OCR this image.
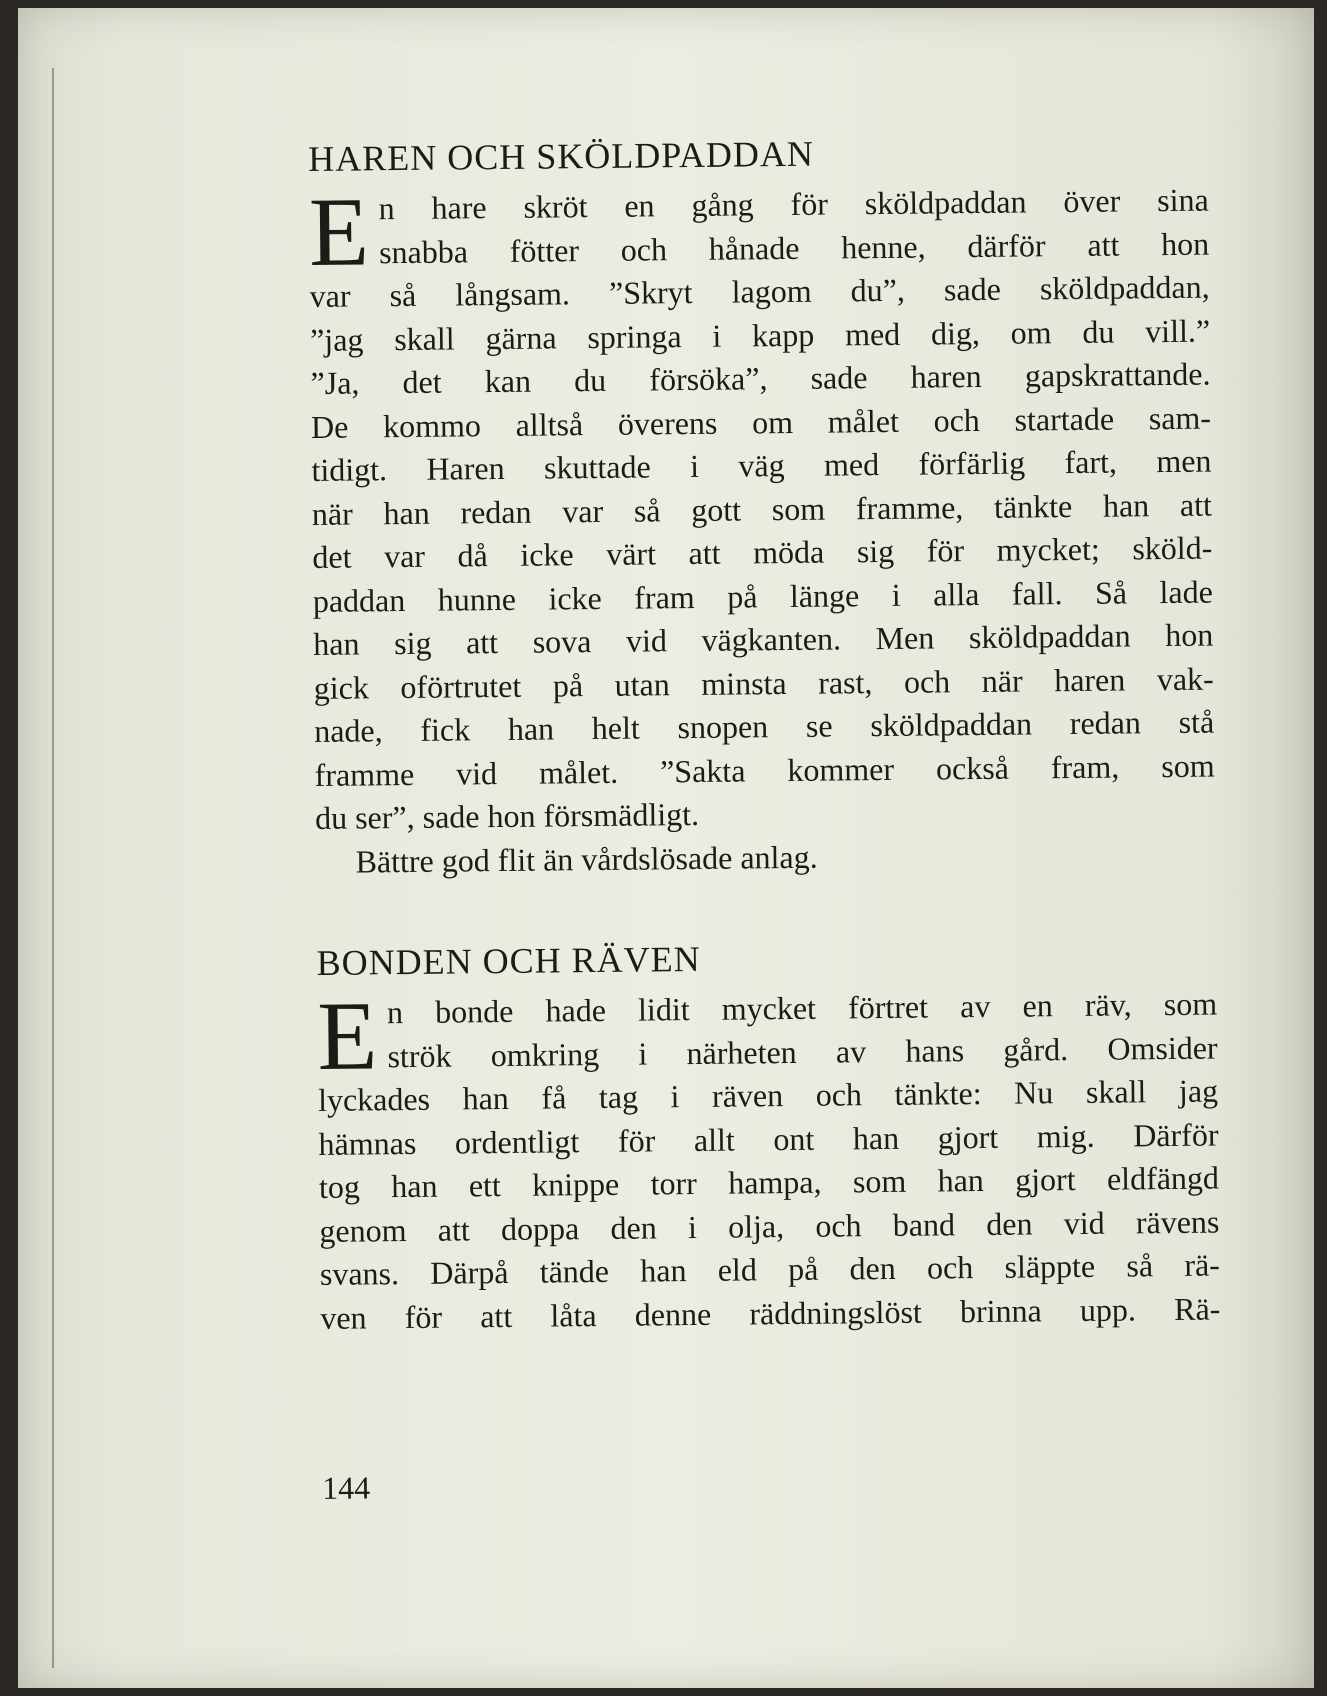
HAREN OCH SKÖLDPADDAN
E n hare skröt en gång för sköldpaddan över sina
snabba fötter och hånade henne, därför att hon
var så långsam. ”Skryt lagom du”, sade sköldpaddan,
”jag skall gärna springa i kapp med dig, om du vill.”
”Ja, det kan du försöka”, sade haren gapskrattande.
De kommo alltså överens om målet och startade sam-
tidigt. Haren skuttade i väg med förfärlig fart, men
när han redan var så gott som framme, tänkte han att
det var då icke värt att möda sig för mycket; sköld-
paddan hunne icke fram på länge i alla fall. Så lade
han sig att sova vid vägkanten. Men sköldpaddan hon
gick oförtrutet på utan minsta rast, och när haren vak-
nade, fick han helt snopen se sköldpaddan redan stå
framme vid målet. ”Sakta kommer också fram, som
du ser”, sade hon försmädligt.

Bättre god flit än vårdslösade anlag.

BONDEN OCH RÄVEN
E n bonde hade lidit mycket förtret av en räv, som
strök omkring i närheten av hans gård. Omsider
lyckades han få tag i räven och tänkte: Nu skall jag
hämnas ordentligt för allt ont han gjort mig. Därför
tog han ett knippe torr hampa, som han gjort eldfängd
genom att doppa den i olja, och band den vid rävens
svans. Därpå tände han eld på den och släppte så rä-
ven för att låta denne räddningslöst brinna upp. Rä-
144
